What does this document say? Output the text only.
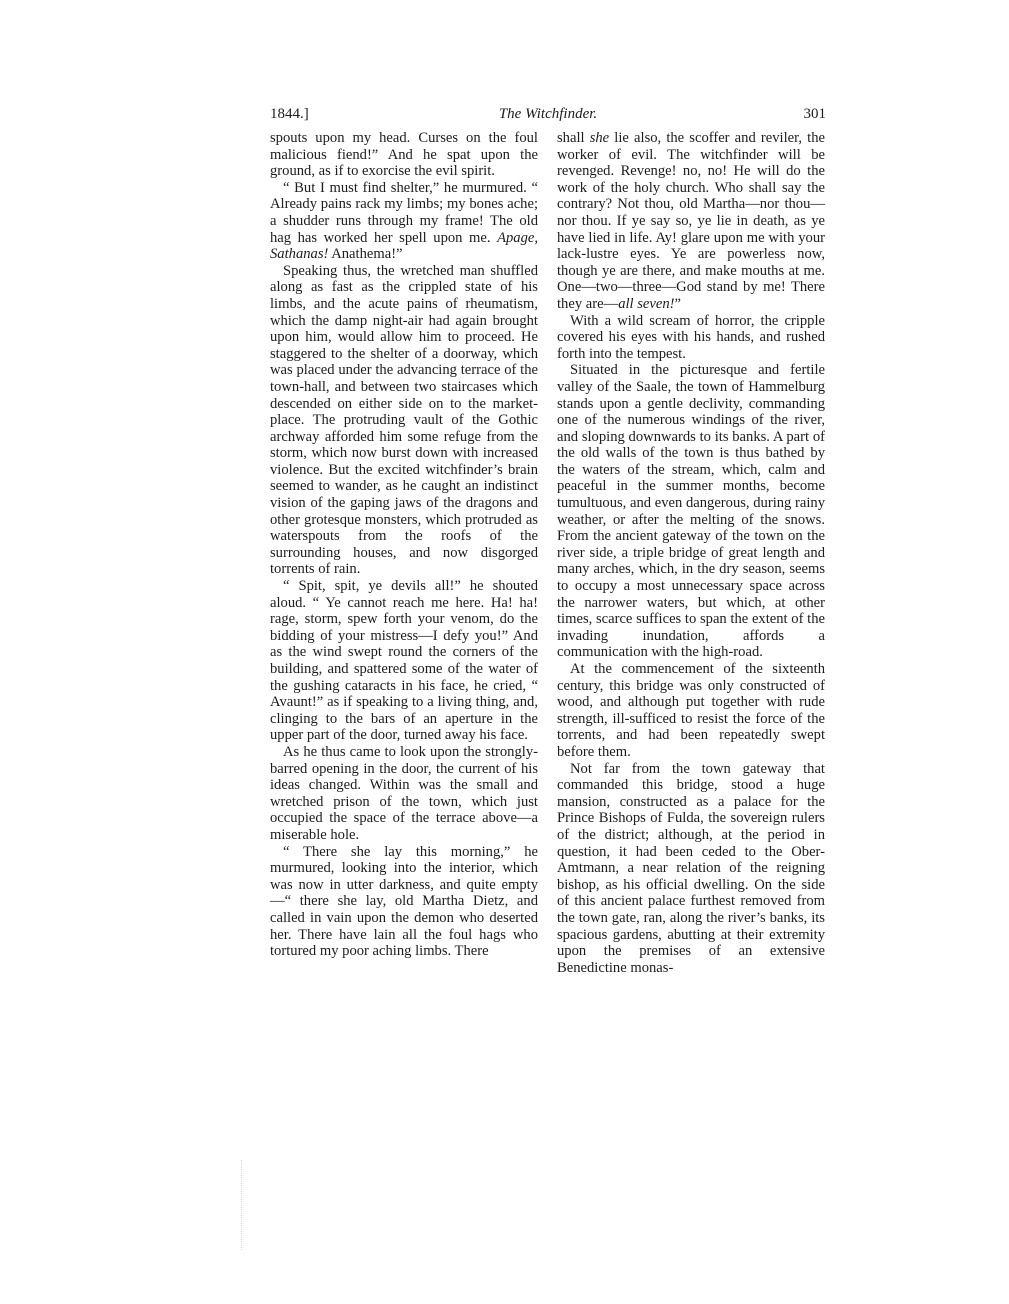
1844.]	The Witchfinder.	301

spouts upon my head. Curses on the foul malicious fiend!” And he spat upon the ground, as if to exorcise the evil spirit.

“ But I must find shelter,” he murmured. “ Already pains rack my limbs; my bones ache; a shudder runs through my frame! The old hag has worked her spell upon me. Apage, Sathanas! Anathema!”

Speaking thus, the wretched man shuffled along as fast as the crippled state of his limbs, and the acute pains of rheumatism, which the damp night-air had again brought upon him, would allow him to proceed. He staggered to the shelter of a doorway, which was placed under the advancing terrace of the town-hall, and between two staircases which descended on either side on to the market-place. The protruding vault of the Gothic archway afforded him some refuge from the storm, which now burst down with increased violence. But the excited witchfinder’s brain seemed to wander, as he caught an indistinct vision of the gaping jaws of the dragons and other grotesque monsters, which protruded as waterspouts from the roofs of the surrounding houses, and now disgorged torrents of rain.

“ Spit, spit, ye devils all!” he shouted aloud. “ Ye cannot reach me here. Ha! ha! rage, storm, spew forth your venom, do the bidding of your mistress—I defy you!” And as the wind swept round the corners of the building, and spattered some of the water of the gushing cataracts in his face, he cried, “ Avaunt!” as if speaking to a living thing, and, clinging to the bars of an aperture in the upper part of the door, turned away his face.

As he thus came to look upon the strongly-barred opening in the door, the current of his ideas changed. Within was the small and wretched prison of the town, which just occupied the space of the terrace above—a miserable hole.

“ There she lay this morning,” he murmured, looking into the interior, which was now in utter darkness, and quite empty—“ there she lay, old Martha Dietz, and called in vain upon the demon who deserted her. There have lain all the foul hags who tortured my poor aching limbs. There

shall she lie also, the scoffer and reviler, the worker of evil. The witchfinder will be revenged. Revenge! no, no! He will do the work of the holy church. Who shall say the contrary? Not thou, old Martha—nor thou—nor thou. If ye say so, ye lie in death, as ye have lied in life. Ay! glare upon me with your lack-lustre eyes. Ye are powerless now, though ye are there, and make mouths at me. One—two—three—God stand by me! There they are—all seven!”

With a wild scream of horror, the cripple covered his eyes with his hands, and rushed forth into the tempest.

Situated in the picturesque and fertile valley of the Saale, the town of Hammelburg stands upon a gentle declivity, commanding one of the numerous windings of the river, and sloping downwards to its banks. A part of the old walls of the town is thus bathed by the waters of the stream, which, calm and peaceful in the summer months, become tumultuous, and even dangerous, during rainy weather, or after the melting of the snows. From the ancient gateway of the town on the river side, a triple bridge of great length and many arches, which, in the dry season, seems to occupy a most unnecessary space across the narrower waters, but which, at other times, scarce suffices to span the extent of the invading inundation, affords a communication with the high-road.

At the commencement of the sixteenth century, this bridge was only constructed of wood, and although put together with rude strength, ill-sufficed to resist the force of the torrents, and had been repeatedly swept before them.

Not far from the town gateway that commanded this bridge, stood a huge mansion, constructed as a palace for the Prince Bishops of Fulda, the sovereign rulers of the district; although, at the period in question, it had been ceded to the Ober-Amtmann, a near relation of the reigning bishop, as his official dwelling. On the side of this ancient palace furthest removed from the town gate, ran, along the river’s banks, its spacious gardens, abutting at their extremity upon the premises of an extensive Benedictine monas-
